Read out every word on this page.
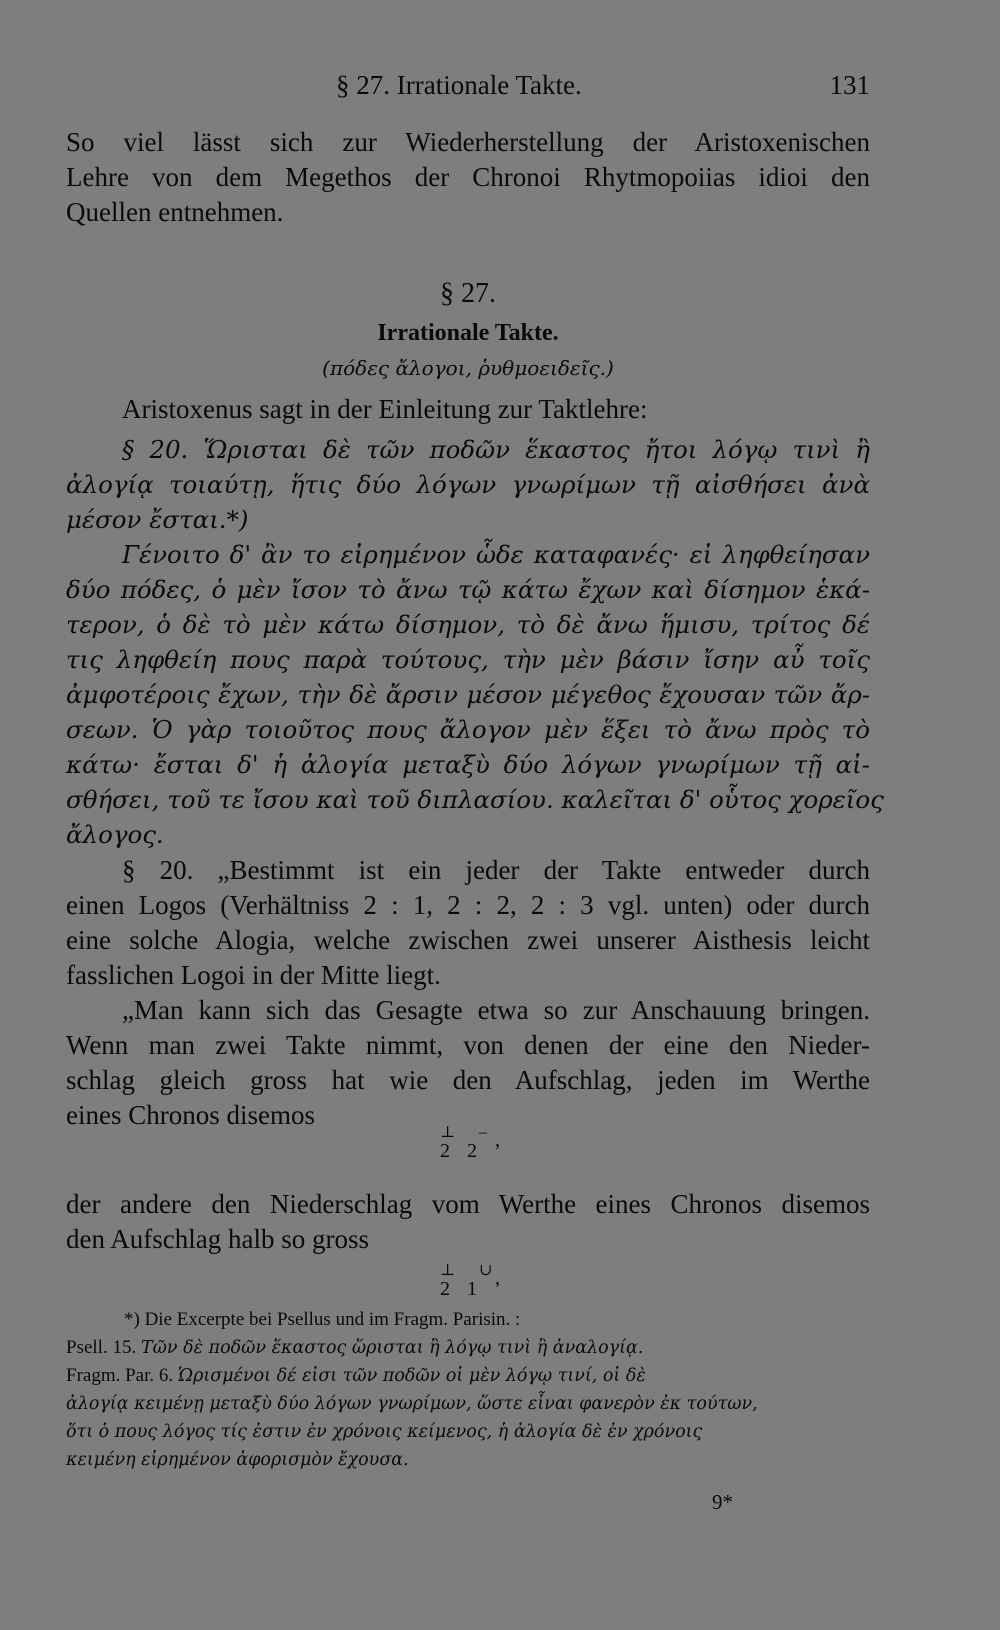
§ 27. Irrationale Takte.	131
So viel lässt sich zur Wiederherstellung der Aristoxenischen
Lehre von dem Megethos der Chronoi Rhytmopoiias idioi den
Quellen entnehmen.
§ 27.
Irrationale Takte.
(πόδες ἄλογοι, ῥυθμοειδεῖς.)
Aristoxenus sagt in der Einleitung zur Taktlehre:
§ 20. Ὥρισται δὲ τῶν ποδῶν ἕκαστος ἤτοι λόγῳ τινὶ ἢ
ἀλογίᾳ τοιαύτῃ, ἥτις δύο λόγων γνωρίμων τῇ αἰσθήσει ἀνὰ
μέσον ἔσται.*)
Γένοιτο δ' ἂν το εἰρημένον ὧδε καταφανές· εἰ ληφθείησαν
δύο πόδες, ὁ μὲν ἴσον τὸ ἄνω τῷ κάτω ἔχων καὶ δίσημον ἑκά-
τερον, ὁ δὲ τὸ μὲν κάτω δίσημον, τὸ δὲ ἄνω ἥμισυ, τρίτος δέ
τις ληφθείη πους παρὰ τούτους, τὴν μὲν βάσιν ἴσην αὖ τοῖς
ἀμφοτέροις ἔχων, τὴν δὲ ἄρσιν μέσον μέγεθος ἔχουσαν τῶν ἄρ-
σεων. Ὁ γὰρ τοιοῦτος πους ἄλογον μὲν ἕξει τὸ ἄνω πρὸς τὸ
κάτω· ἔσται δ' ἡ ἀλογία μεταξὺ δύο λόγων γνωρίμων τῇ αἰ-
σθήσει, τοῦ τε ἴσου καὶ τοῦ διπλασίου. καλεῖται δ' οὗτος χορεῖος
ἄλογος.
§ 20. „Bestimmt ist ein jeder der Takte entweder durch
einen Logos (Verhältniss 2 : 1, 2 : 2, 2 : 3 vgl. unten) oder durch
eine solche Alogia, welche zwischen zwei unserer Aisthesis leicht
fasslichen Logoi in der Mitte liegt.
„Man kann sich das Gesagte etwa so zur Anschauung bringen.
Wenn man zwei Takte nimmt, von denen der eine den Nieder-
schlag gleich gross hat wie den Aufschlag, jeden im Werthe
eines Chronos disemos
⊥ –
2 2 ’
der andere den Niederschlag vom Werthe eines Chronos disemos
den Aufschlag halb so gross
⊥ ∪
2 1 ’
*) Die Excerpte bei Psellus und im Fragm. Parisin. :
Psell. 15. Τῶν δὲ ποδῶν ἕκαστος ὥρισται ἢ λόγῳ τινὶ ἢ ἀναλογίᾳ.
Fragm. Par. 6. Ὡρισμένοι δέ εἰσι τῶν ποδῶν οἱ μὲν λόγῳ τινί, οἱ δὲ
ἀλογίᾳ κειμένῃ μεταξὺ δύο λόγων γνωρίμων, ὥστε εἶναι φανερὸν ἐκ τούτων,
ὅτι ὁ πους λόγος τίς ἐστιν ἐν χρόνοις κείμενος, ἡ ἀλογία δὲ ἐν χρόνοις
κειμένη εἰρημένον ἀφορισμὸν ἔχουσα.
9*
